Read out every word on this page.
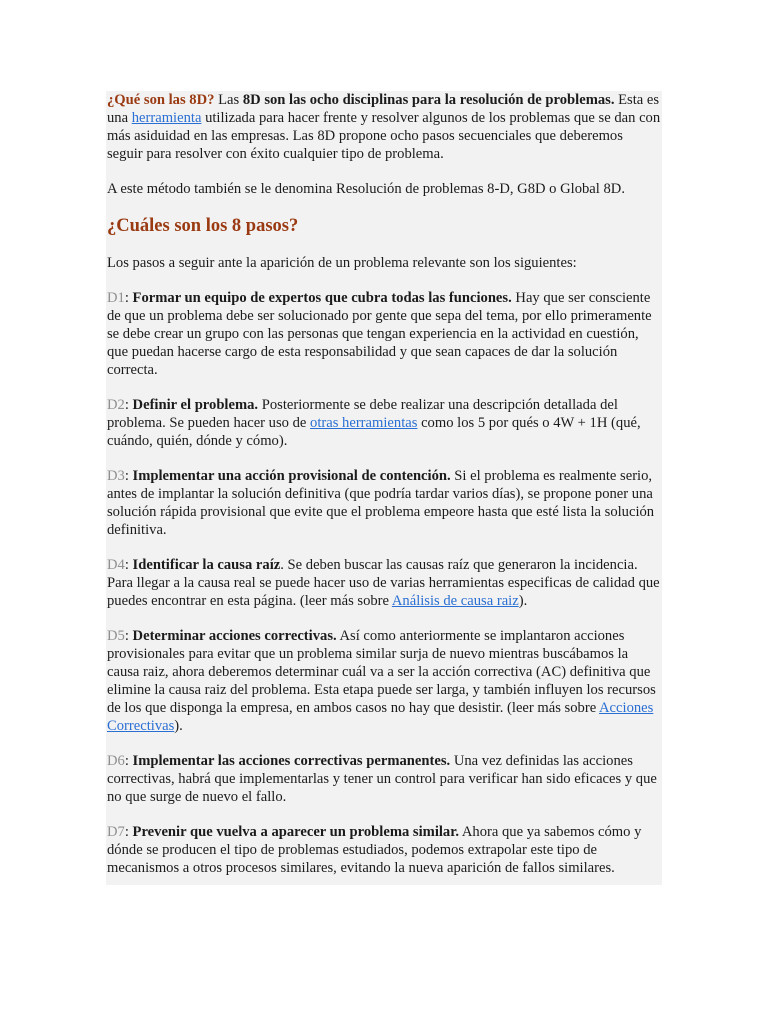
¿Qué son las 8D? Las 8D son las ocho disciplinas para la resolución de problemas. Esta es una herramienta utilizada para hacer frente y resolver algunos de los problemas que se dan con más asiduidad en las empresas. Las 8D propone ocho pasos secuenciales que deberemos seguir para resolver con éxito cualquier tipo de problema.

A este método también se le denomina Resolución de problemas 8-D, G8D o Global 8D.

¿Cuáles son los 8 pasos?

Los pasos a seguir ante la aparición de un problema relevante son los siguientes:

D1: Formar un equipo de expertos que cubra todas las funciones. Hay que ser consciente de que un problema debe ser solucionado por gente que sepa del tema, por ello primeramente se debe crear un grupo con las personas que tengan experiencia en la actividad en cuestión, que puedan hacerse cargo de esta responsabilidad y que sean capaces de dar la solución correcta.

D2: Definir el problema. Posteriormente se debe realizar una descripción detallada del problema. Se pueden hacer uso de otras herramientas como los 5 por qués o 4W + 1H (qué, cuándo, quién, dónde y cómo).

D3: Implementar una acción provisional de contención. Si el problema es realmente serio, antes de implantar la solución definitiva (que podría tardar varios días), se propone poner una solución rápida provisional que evite que el problema empeore hasta que esté lista la solución definitiva.

D4: Identificar la causa raíz. Se deben buscar las causas raíz que generaron la incidencia. Para llegar a la causa real se puede hacer uso de varias herramientas especificas de calidad que puedes encontrar en esta página. (leer más sobre Análisis de causa raiz).

D5: Determinar acciones correctivas. Así como anteriormente se implantaron acciones provisionales para evitar que un problema similar surja de nuevo mientras buscábamos la causa raiz, ahora deberemos determinar cuál va a ser la acción correctiva (AC) definitiva que elimine la causa raiz del problema. Esta etapa puede ser larga, y también influyen los recursos de los que disponga la empresa, en ambos casos no hay que desistir. (leer más sobre Acciones Correctivas).

D6: Implementar las acciones correctivas permanentes. Una vez definidas las acciones correctivas, habrá que implementarlas y tener un control para verificar han sido eficaces y que no que surge de nuevo el fallo.

D7: Prevenir que vuelva a aparecer un problema similar. Ahora que ya sabemos cómo y dónde se producen el tipo de problemas estudiados, podemos extrapolar este tipo de mecanismos a otros procesos similares, evitando la nueva aparición de fallos similares.
